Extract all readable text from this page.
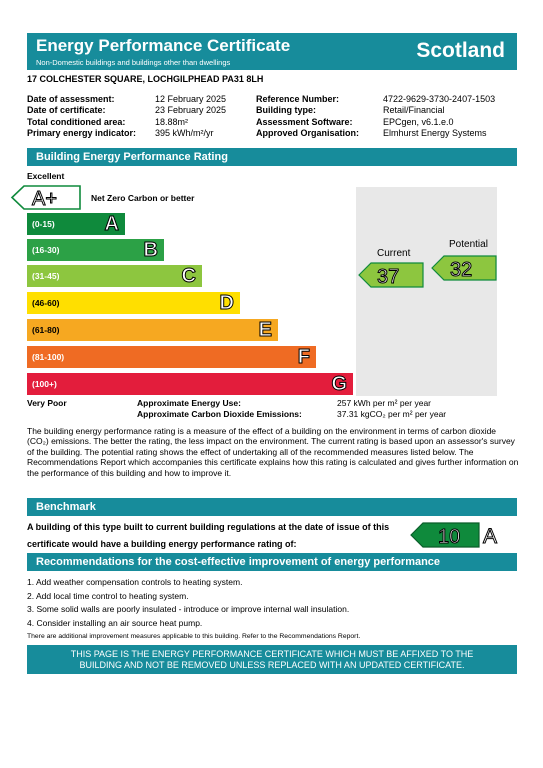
Energy Performance Certificate
Non-Domestic buildings and buildings other than dwellings
Scotland
17 COLCHESTER SQUARE, LOCHGILPHEAD PA31 8LH
Date of assessment:	12 February 2025
Date of certificate:	23 February 2025
Total conditioned area:	18.88m²
Primary energy indicator:	395 kWh/m²/yr
Reference Number:	4722-9629-3730-2407-1503
Building type:	Retail/Financial
Assessment Software:	EPCgen, v6.1.e.0
Approved Organisation:	Elmhurst Energy Systems
Building Energy Performance Rating
Excellent
A+	Net Zero Carbon or better
(0-15) A
(16-30)	B
(31-45)	C
(46-60)	D
(61-80)	E
(81-100)	F
(100+)	G
Current
Potential
37	32
Very Poor	Approximate Energy Use:	257 kWh per m² per year
Approximate Carbon Dioxide Emissions:	37.31 kgCO₂ per m² per year
The building energy performance rating is a measure of the effect of a building on the environment in terms of carbon dioxide (CO₂) emissions. The better the rating, the less impact on the environment. The current rating is based upon an assessor's survey of the building. The potential rating shows the effect of undertaking all of the recommended measures listed below. The Recommendations Report which accompanies this certificate explains how this rating is calculated and gives further information on the performance of this building and how to improve it.
Benchmark
A building of this type built to current building regulations at the date of issue of this certificate would have a building energy performance rating of:	10 A
Recommendations for the cost-effective improvement of energy performance
1. Add weather compensation controls to heating system.
2. Add local time control to heating system.
3. Some solid walls are poorly insulated - introduce or improve internal wall insulation.
4. Consider installing an air source heat pump.
There are additional improvement measures applicable to this building. Refer to the Recommendations Report.
THIS PAGE IS THE ENERGY PERFORMANCE CERTIFICATE WHICH MUST BE AFFIXED TO THE
BUILDING AND NOT BE REMOVED UNLESS REPLACED WITH AN UPDATED CERTIFICATE.
